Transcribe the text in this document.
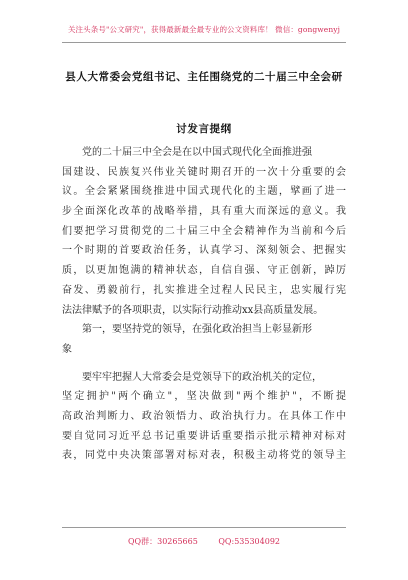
关注头条号"公文研究"，获得最新最全最专业的公文资料库！ 微信：gongwenyj
县人大常委会党组书记、主任围绕党的二十届三中全会研
讨发言提纲
党的二十届三中全会是在以中国式现代化全面推进强
国建设、民族复兴伟业关键时期召开的一次十分重要的会
议。全会紧紧围绕推进中国式现代化的主题，擘画了进一
步全面深化改革的战略举措，具有重大而深远的意义。我
们要把学习贯彻党的二十届三中全会精神作为当前和今后
一个时期的首要政治任务，认真学习、深刻领会、把握实
质，以更加饱满的精神状态，自信自强、守正创新，踔厉
奋发、勇毅前行，扎实推进全过程人民民主，忠实履行宪
法法律赋予的各项职责，以实际行动推动xx县高质量发展。
第一，要坚持党的领导，在强化政治担当上彰显新形
象
要牢牢把握人大常委会是党领导下的政治机关的定位，
坚定拥护"两个确立"，坚决做到"两个维护"，不断提
高政治判断力、政治领悟力、政治执行力。在具体工作中
要自觉同习近平总书记重要讲话重要指示批示精神对标对
表，同党中央决策部署对标对表，积极主动将党的领导主
QQ群：30265665	QQ:535304092
